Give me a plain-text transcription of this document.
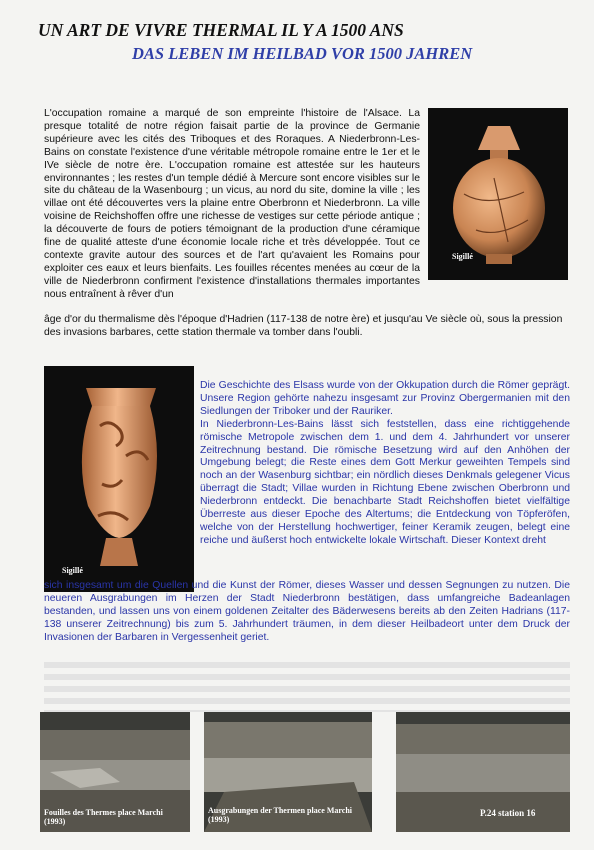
UN ART DE VIVRE THERMAL IL Y A 1500 ANS
DAS LEBEN IM HEILBAD VOR 1500 JAHREN
L'occupation romaine a marqué de son empreinte l'histoire de l'Alsace. La presque totalité de notre région faisait partie de la province de Germanie supérieure avec les cités des Triboques et des Roraques. A Niederbronn-Les-Bains on constate l'existence d'une véritable métropole romaine entre le 1er et le IVe siècle de notre ère. L'occupation romaine est attestée sur les hauteurs environnantes ; les restes d'un temple dédié à Mercure sont encore visibles sur le site du château de la Wasenbourg ; un vicus, au nord du site, domine la ville ; les villae ont été découvertes vers la plaine entre Oberbronn et Niederbronn. La ville voisine de Reichshoffen offre une richesse de vestiges sur cette période antique ; la découverte de fours de potiers témoignant de la production d'une céramique fine de qualité atteste d'une économie locale riche et très développée. Tout ce contexte gravite autour des sources et de l'art qu'avaient les Romains pour exploiter ces eaux et leurs bienfaits. Les fouilles récentes menées au cœur de la ville de Niederbronn confirment l'existence d'installations thermales importantes nous entraînent à rêver d'un
âge d'or du thermalisme dès l'époque d'Hadrien (117-138 de notre ère) et jusqu'au Ve siècle où, sous la pression des invasions barbares, cette station thermale va tomber dans l'oubli.
Sigillé
Sigillé

Die Geschichte des Elsass wurde von der Okkupation durch die Römer geprägt. Unsere Region gehörte nahezu insgesamt zur Provinz Obergermanien mit den Siedlungen der Triboker und der Rauriker.

In Niederbronn-Les-Bains lässt sich feststellen, dass eine richtiggehende römische Metropole zwischen dem 1. und dem 4. Jahrhundert vor unserer Zeitrechnung bestand. Die römische Besetzung wird auf den Anhöhen der Umgebung belegt; die Reste eines dem Gott Merkur geweihten Tempels sind noch an der Wasenburg sichtbar; ein nördlich dieses Denkmals gelegener Vicus überragt die Stadt; Villae wurden in Richtung Ebene zwischen Oberbronn und Niederbronn entdeckt. Die benachbarte Stadt Reichshoffen bietet vielfältige Überreste aus dieser Epoche des Altertums; die Entdeckung von Töpferöfen, welche von der Herstellung hochwertiger, feiner Keramik zeugen, belegt eine reiche und äußerst hoch entwickelte lokale Wirtschaft. Dieser Kontext dreht

sich insgesamt um die Quellen und die Kunst der Römer, dieses Wasser und dessen Segnungen zu nutzen. Die neueren Ausgrabungen im Herzen der Stadt Niederbronn bestätigen, dass umfangreiche Badeanlagen bestanden, und lassen uns von einem goldenen Zeitalter des Bäderwesens bereits ab den Zeiten Hadrians (117-138 unserer Zeitrechnung) bis zum 5. Jahrhundert träumen, in dem dieser Heilbadeort unter dem Druck der Invasionen der Barbaren in Vergessenheit geriet.
Fouilles des Thermes place Marchi (1993)
Ausgrabungen der Thermen place Marchi (1993)
P.24 station 16
